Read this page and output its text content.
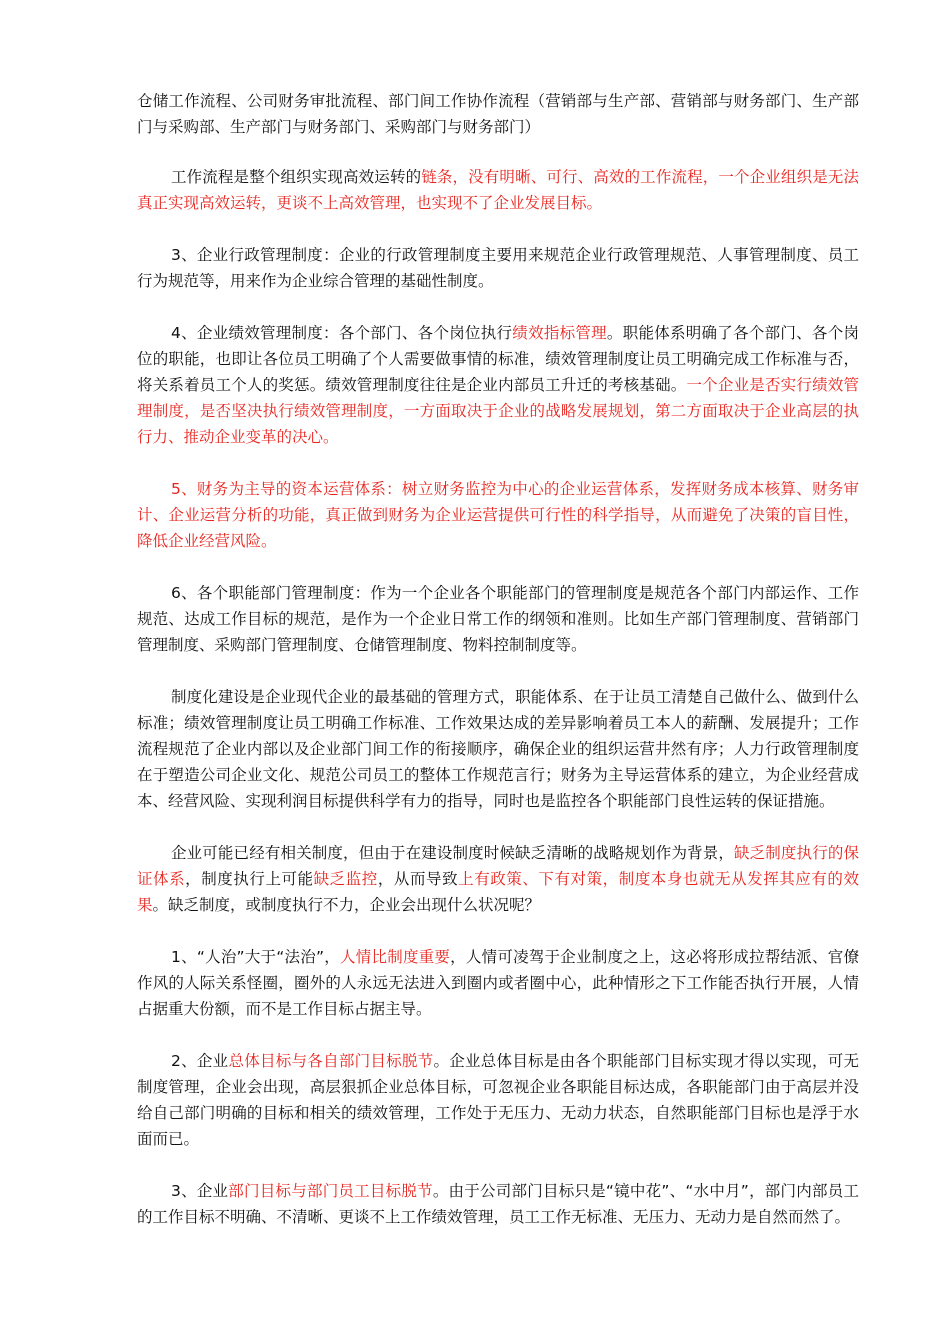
仓储工作流程、公司财务审批流程、部门间工作协作流程（营销部与生产部、营销部与财务部门、生产部门与采购部、生产部门与财务部门、采购部门与财务部门）

工作流程是整个组织实现高效运转的链条，没有明晰、可行、高效的工作流程，一个企业组织是无法真正实现高效运转，更谈不上高效管理，也实现不了企业发展目标。

3、企业行政管理制度：企业的行政管理制度主要用来规范企业行政管理规范、人事管理制度、员工行为规范等，用来作为企业综合管理的基础性制度。

4、企业绩效管理制度：各个部门、各个岗位执行绩效指标管理。职能体系明确了各个部门、各个岗位的职能，也即让各位员工明确了个人需要做事情的标准，绩效管理制度让员工明确完成工作标准与否，将关系着员工个人的奖惩。绩效管理制度往往是企业内部员工升迁的考核基础。一个企业是否实行绩效管理制度，是否坚决执行绩效管理制度，一方面取决于企业的战略发展规划，第二方面取决于企业高层的执行力、推动企业变革的决心。

5、财务为主导的资本运营体系：树立财务监控为中心的企业运营体系，发挥财务成本核算、财务审计、企业运营分析的功能，真正做到财务为企业运营提供可行性的科学指导，从而避免了决策的盲目性，降低企业经营风险。

6、各个职能部门管理制度：作为一个企业各个职能部门的管理制度是规范各个部门内部运作、工作规范、达成工作目标的规范，是作为一个企业日常工作的纲领和准则。比如生产部门管理制度、营销部门管理制度、采购部门管理制度、仓储管理制度、物料控制制度等。

制度化建设是企业现代企业的最基础的管理方式，职能体系、在于让员工清楚自己做什么、做到什么标准；绩效管理制度让员工明确工作标准、工作效果达成的差异影响着员工本人的薪酬、发展提升；工作流程规范了企业内部以及企业部门间工作的衔接顺序，确保企业的组织运营井然有序；人力行政管理制度在于塑造公司企业文化、规范公司员工的整体工作规范言行；财务为主导运营体系的建立，为企业经营成本、经营风险、实现利润目标提供科学有力的指导，同时也是监控各个职能部门良性运转的保证措施。

企业可能已经有相关制度，但由于在建设制度时候缺乏清晰的战略规划作为背景，缺乏制度执行的保证体系，制度执行上可能缺乏监控，从而导致上有政策、下有对策，制度本身也就无从发挥其应有的效果。缺乏制度，或制度执行不力，企业会出现什么状况呢？

1、“人治”大于“法治”，人情比制度重要，人情可凌驾于企业制度之上，这必将形成拉帮结派、官僚作风的人际关系怪圈，圈外的人永远无法进入到圈内或者圈中心，此种情形之下工作能否执行开展，人情占据重大份额，而不是工作目标占据主导。

2、企业总体目标与各自部门目标脱节。企业总体目标是由各个职能部门目标实现才得以实现，可无制度管理，企业会出现，高层狠抓企业总体目标，可忽视企业各职能目标达成，各职能部门由于高层并没给自己部门明确的目标和相关的绩效管理，工作处于无压力、无动力状态，自然职能部门目标也是浮于水面而已。

3、企业部门目标与部门员工目标脱节。由于公司部门目标只是“镜中花”、“水中月”，部门内部员工的工作目标不明确、不清晰、更谈不上工作绩效管理，员工工作无标准、无压力、无动力是自然而然了。
